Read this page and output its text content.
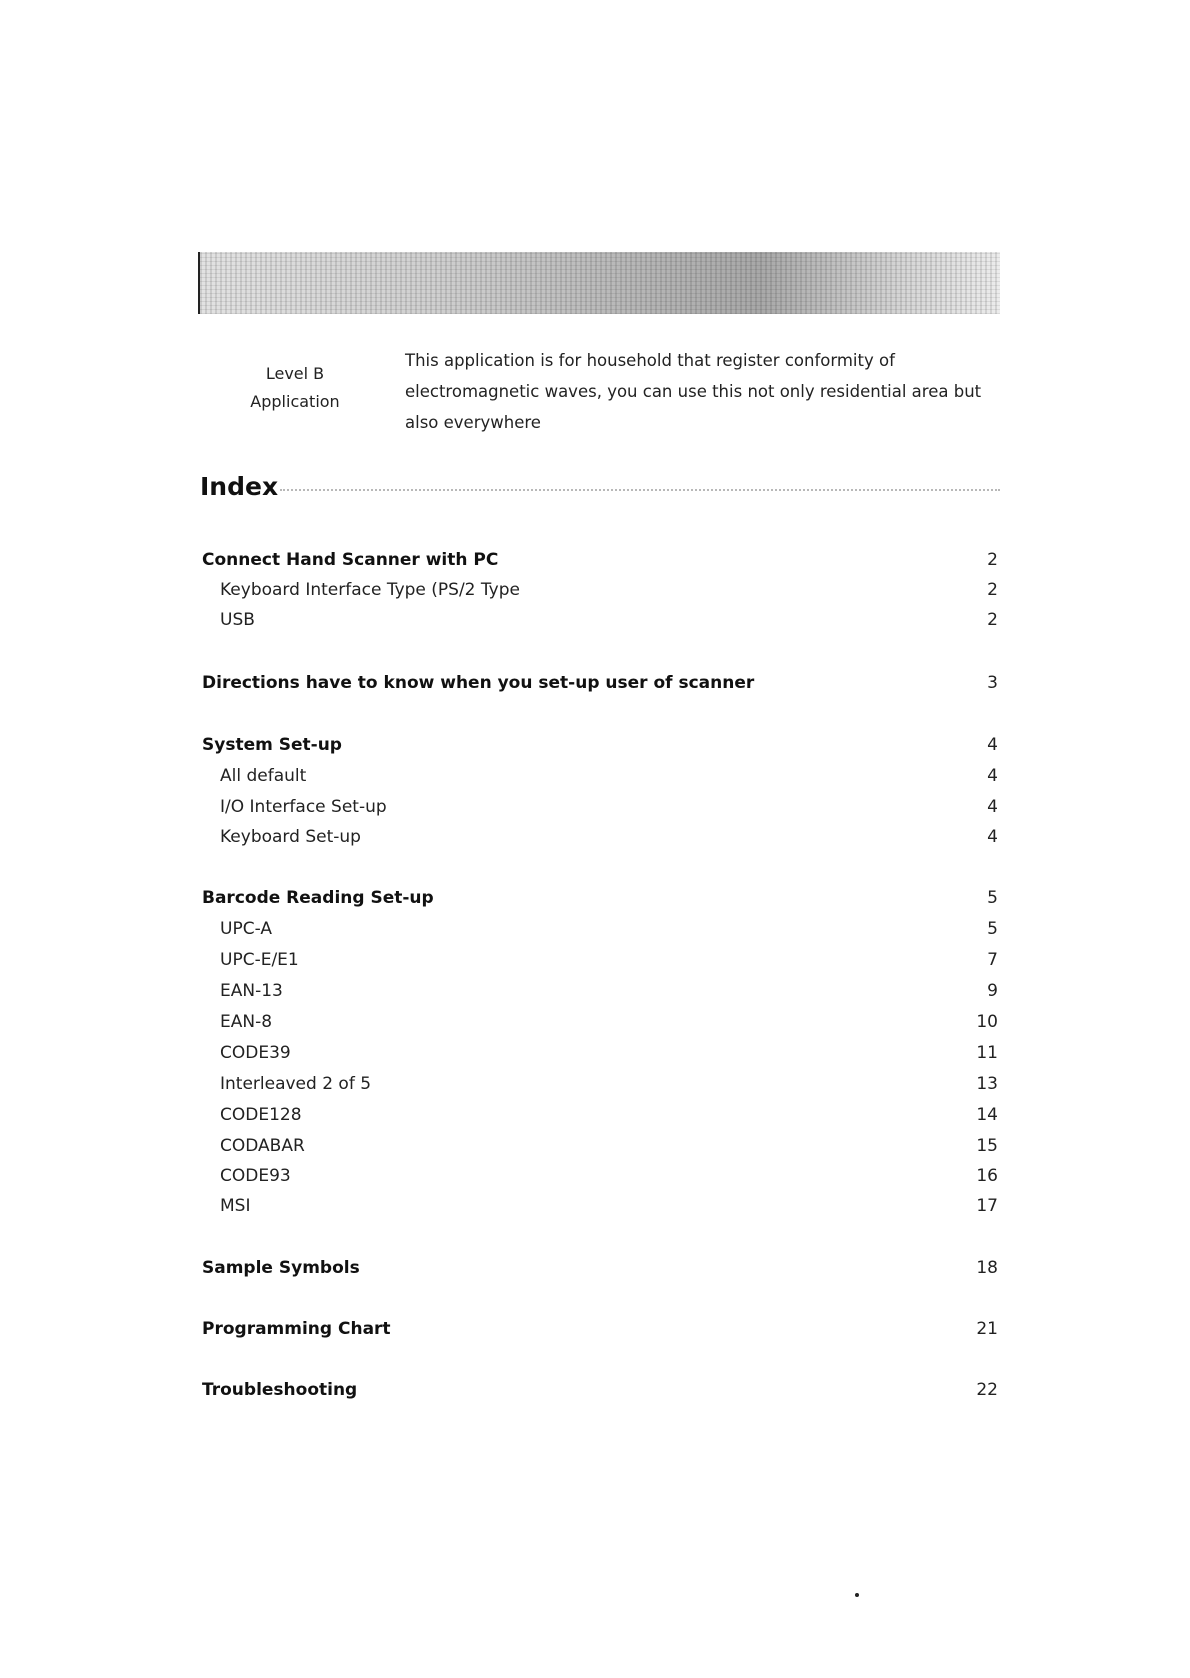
Level B
Application
This application is for household that register conformity of
electromagnetic waves, you can use this not only residential area but
also everywhere
Index
Connect Hand Scanner with PC	2
Keyboard Interface Type (PS/2 Type	2
USB	2
Directions have to know when you set-up user of scanner	3
System Set-up	4
All default	4
I/O Interface Set-up	4
Keyboard Set-up	4
Barcode Reading Set-up	5
UPC-A	5
UPC-E/E1	7
EAN-13	9
EAN-8	10
CODE39	11
Interleaved 2 of 5	13
CODE128	14
CODABAR	15
CODE93	16
MSI	17
Sample Symbols	18
Programming Chart	21
Troubleshooting	22
